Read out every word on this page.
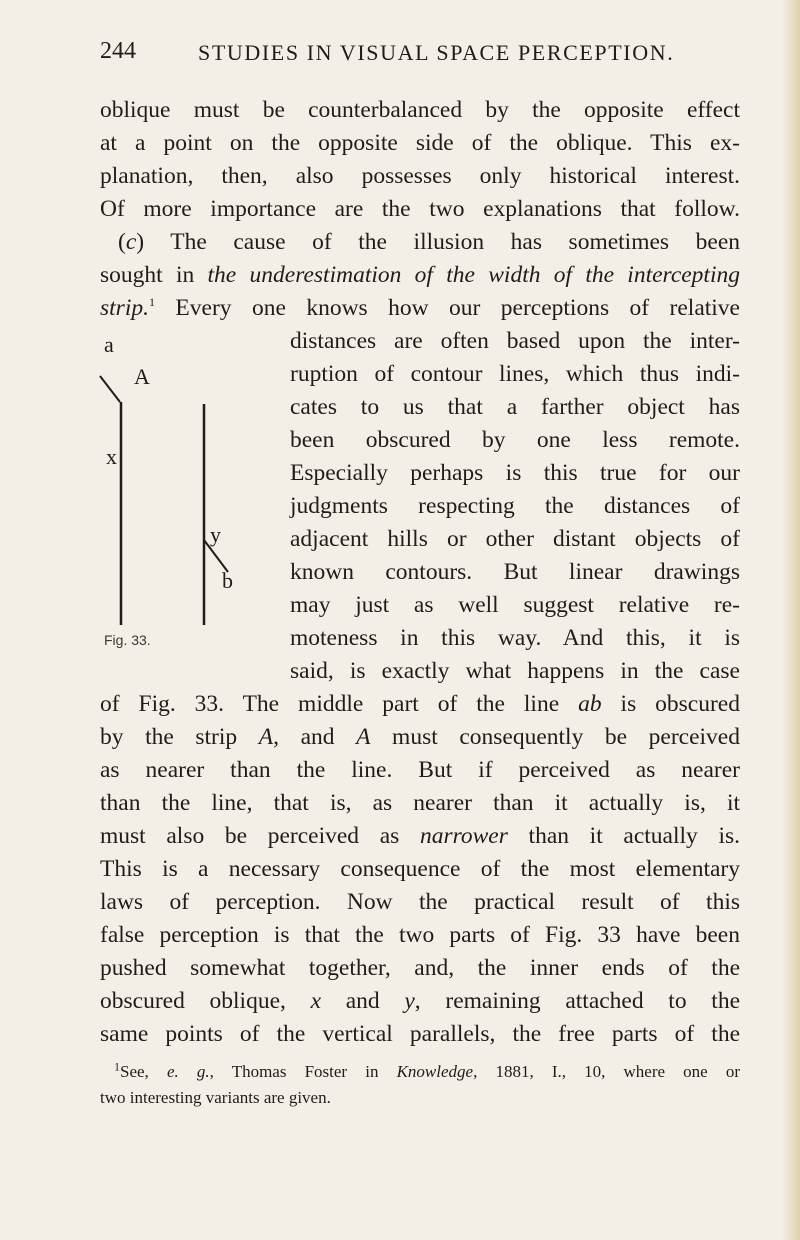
244	STUDIES IN VISUAL SPACE PERCEPTION.
oblique must be counterbalanced by the opposite effect
at a point on the opposite side of the oblique. This ex-
planation, then, also possesses only historical interest.
Of more importance are the two explanations that follow.
(c) The cause of the illusion has sometimes been
sought in the underestimation of the width of the intercepting
strip.$^1$ Every one knows how our perceptions of relative
distances are often based upon the inter-
ruption of contour lines, which thus indi-
cates to us that a farther object has
been obscured by one less remote.
Especially perhaps is this true for our
judgments respecting the distances of
adjacent hills or other distant objects of
known contours. But linear drawings
may just as well suggest relative re-
moteness in this way. And this, it is
said, is exactly what happens in the case
a
A
x
y
b
Fig. 33.
of Fig. 33. The middle part of the line ab is obscured
by the strip A, and A must consequently be perceived
as nearer than the line. But if perceived as nearer
than the line, that is, as nearer than it actually is, it
must also be perceived as narrower than it actually is.
This is a necessary consequence of the most elementary
laws of perception. Now the practical result of this
false perception is that the two parts of Fig. 33 have been
pushed somewhat together, and, the inner ends of the
obscured oblique, x and y, remaining attached to the
same points of the vertical parallels, the free parts of the
$^1$See, e. g., Thomas Foster in Knowledge, 1881, I., 10, where one or
two interesting variants are given.
